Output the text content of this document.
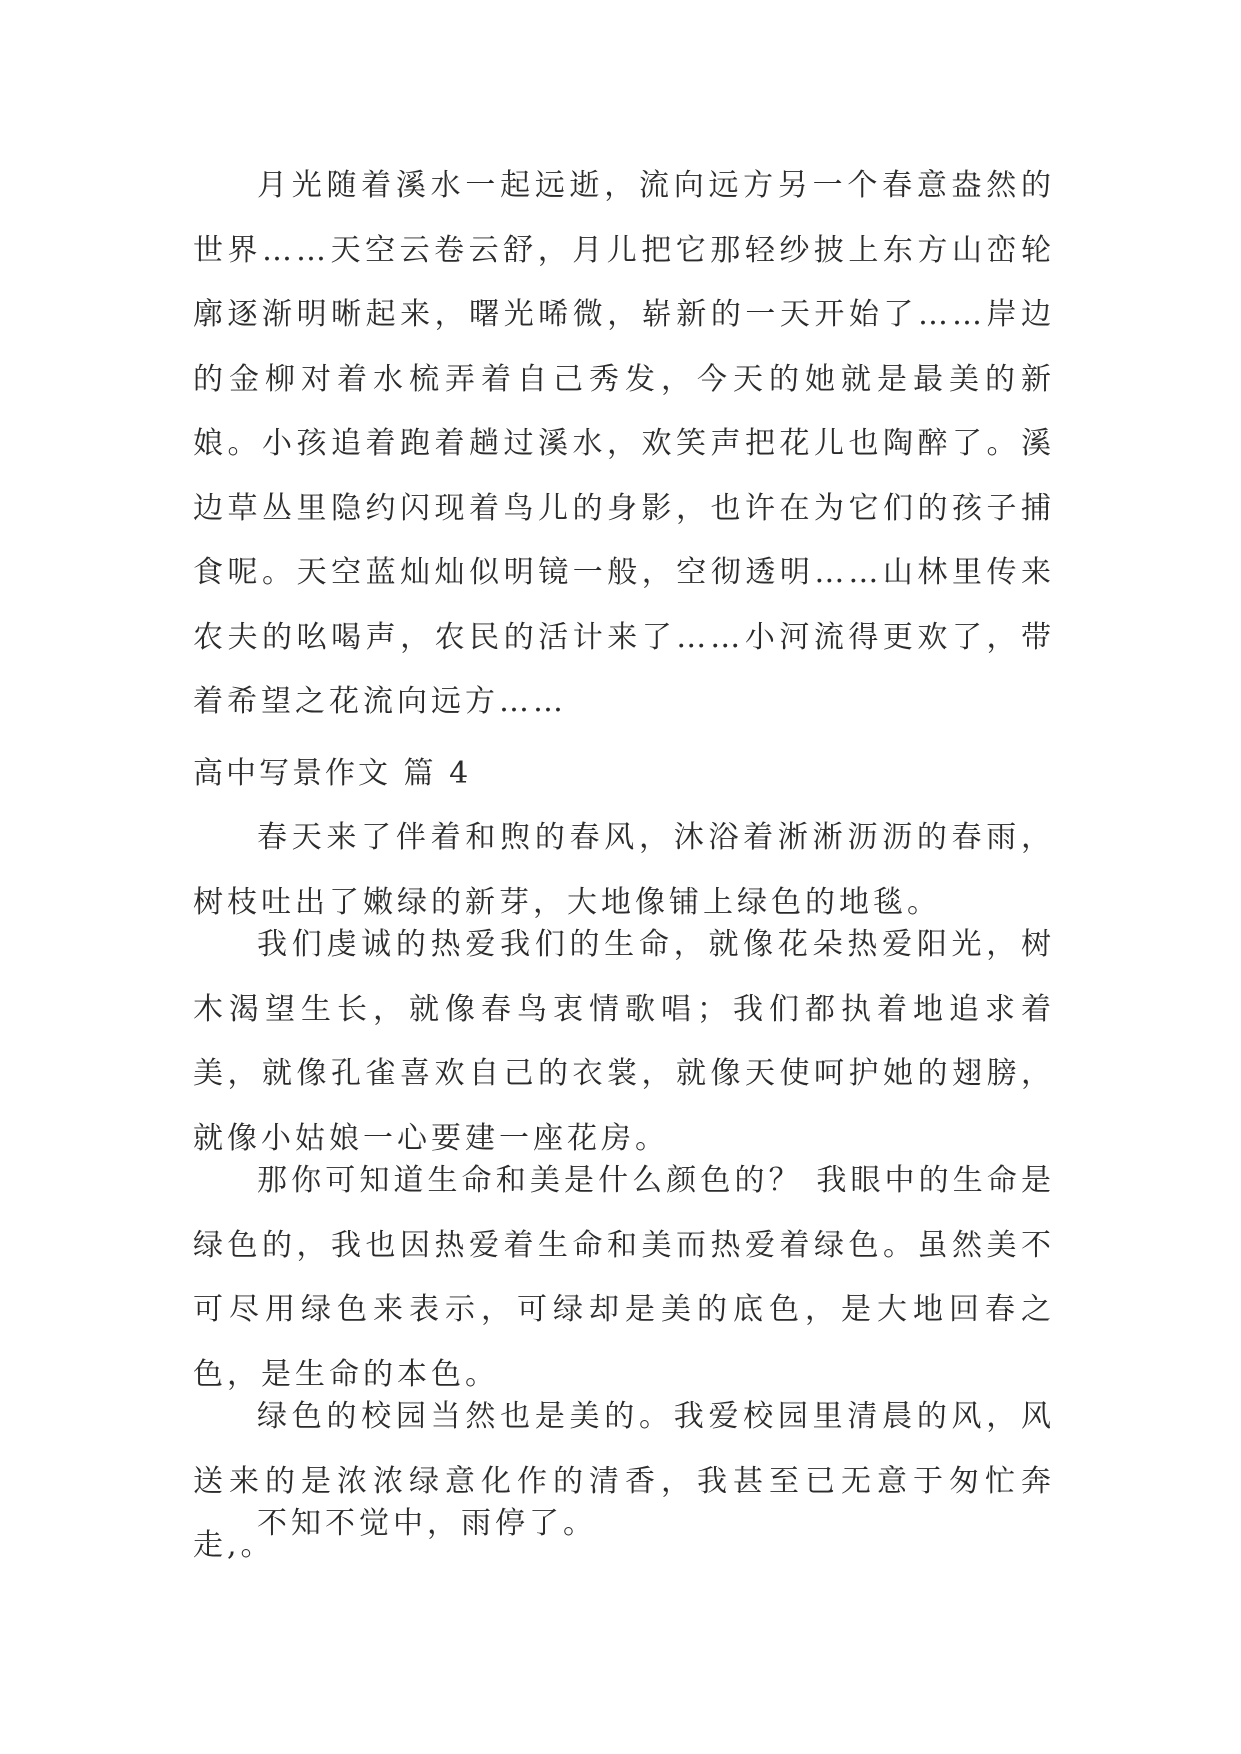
月光随着溪水一起远逝，流向远方另一个春意盎然的世界……天空云卷云舒，月儿把它那轻纱披上东方山峦轮廓逐渐明晰起来，曙光晞微，崭新的一天开始了……岸边的金柳对着水梳弄着自己秀发，今天的她就是最美的新娘。小孩追着跑着趟过溪水，欢笑声把花儿也陶醉了。溪边草丛里隐约闪现着鸟儿的身影，也许在为它们的孩子捕食呢。天空蓝灿灿似明镜一般，空彻透明……山林里传来农夫的吆喝声，农民的活计来了……小河流得更欢了，带着希望之花流向远方……

高中写景作文 篇 4

春天来了伴着和煦的春风，沐浴着淅淅沥沥的春雨，树枝吐出了嫩绿的新芽，大地像铺上绿色的地毯。

我们虔诚的热爱我们的生命，就像花朵热爱阳光，树木渴望生长，就像春鸟衷情歌唱；我们都执着地追求着美，就像孔雀喜欢自己的衣裳，就像天使呵护她的翅膀，就像小姑娘一心要建一座花房。

那你可知道生命和美是什么颜色的？ 我眼中的生命是绿色的，我也因热爱着生命和美而热爱着绿色。虽然美不可尽用绿色来表示，可绿却是美的底色，是大地回春之色，是生命的本色。

绿色的校园当然也是美的。我爱校园里清晨的风，风送来的是浓浓绿意化作的清香，我甚至已无意于匆忙奔走,。

不知不觉中，雨停了。
